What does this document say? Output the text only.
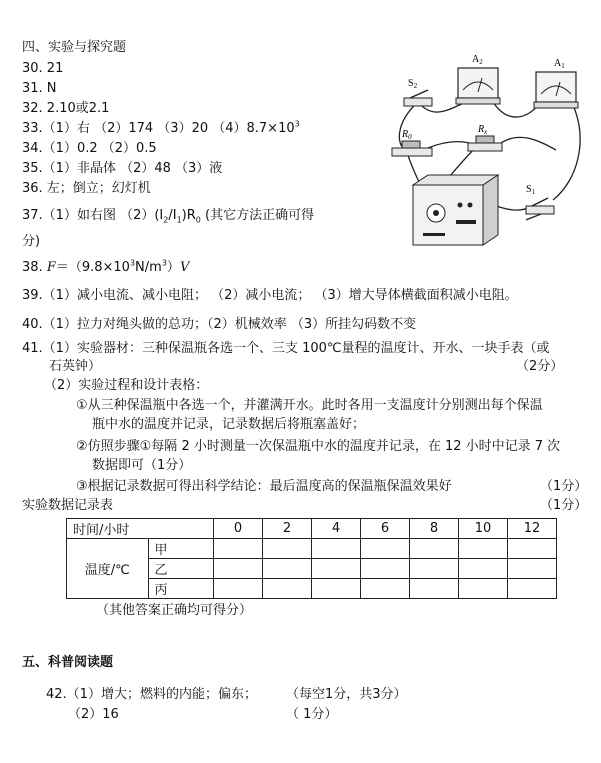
四、实验与探究题
30. 21
31. N
32. 2.10或2.1
33.（1）右 （2）174 （3）20 $(4)8.7\times 10^3$
34.（1）0.2 （2）0.5
35.（1）非晶体 （2）48 （3）液
36. 左；倒立；幻灯机
37.（1）如右图 $(2)(I_2/I_1)R_0$ (其它方法正确可得
分)
38. $F=(9.8\times 10^3N/m^3)V$
39.（1）减小电流、减小电阻； （2）减小电流； （3）增大导体横截面积减小电阻。
40.（1）拉力对绳头做的总功；（2）机械效率 （3）所挂勾码数不变
41.（1）实验器材：三种保温瓶各选一个、三支 100℃量程的温度计、开水、一块手表（或
石英钟）	（2分）
（2）实验过程和设计表格：
①从三种保温瓶中各选一个，并灌满开水。此时各用一支温度计分别测出每个保温
瓶中水的温度并记录，记录数据后将瓶塞盖好；
②仿照步骤①每隔 2 小时测量一次保温瓶中水的温度并记录，在 12 小时中记录 7 次
数据即可（1分）
③根据记录数据可得出科学结论：最后温度高的保温瓶保温效果好	（1分）
实验数据记录表	（1分）
时间/小时		0	2	4	6	8	10	12
温度/℃	甲							
	乙							
	丙							
（其他答案正确均可得分）
五、科普阅读题
42.（1）增大；燃料的内能；偏东； （每空1分，共3分）
（2）16	（ 1分）
$A_2$	$A_1$
$S_2$
$R_0$
$R_x$
$S_1$
